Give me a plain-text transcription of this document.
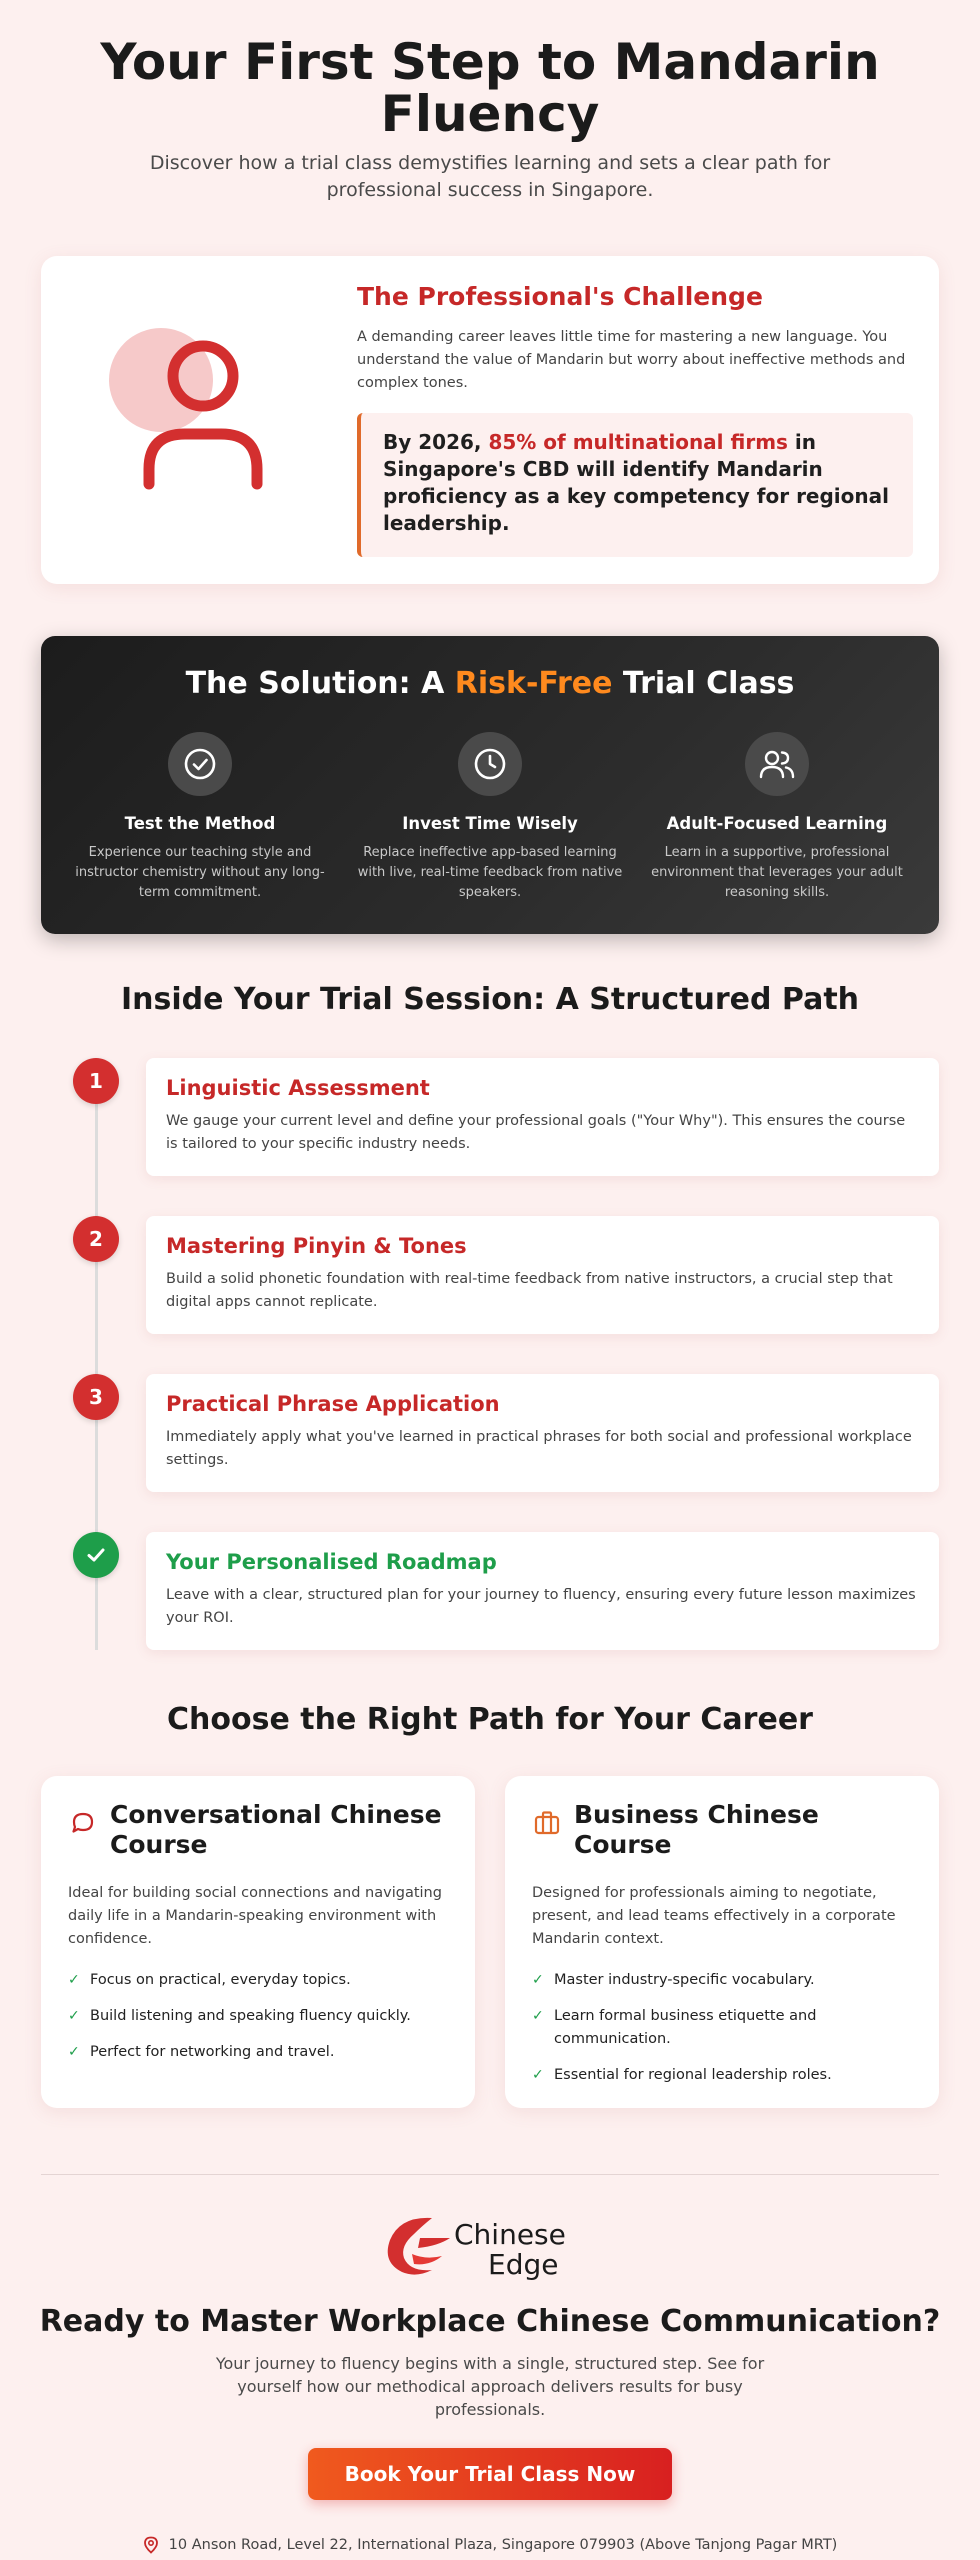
Your First Step to Mandarin Fluency

Discover how a trial class demystifies learning and sets a clear path for professional success in Singapore.

The Professional's Challenge

A demanding career leaves little time for mastering a new language. You understand the value of Mandarin but worry about ineffective methods and complex tones.

By 2026, 85% of multinational firms in Singapore's CBD will identify Mandarin proficiency as a key competency for regional leadership.
The Solution: A Risk-Free Trial Class
Test the Method
Experience our teaching style and instructor chemistry without any long-term commitment.
Invest Time Wisely
Replace ineffective app-based learning with live, real-time feedback from native speakers.
Adult-Focused Learning
Learn in a supportive, professional environment that leverages your adult reasoning skills.
Inside Your Trial Session: A Structured Path
1	Linguistic Assessment
We gauge your current level and define your professional goals ("Your Why"). This ensures the course is tailored to your specific industry needs.
2	Mastering Pinyin & Tones
Build a solid phonetic foundation with real-time feedback from native instructors, a crucial step that digital apps cannot replicate.
3	Practical Phrase Application
Immediately apply what you've learned in practical phrases for both social and professional workplace settings.
Your Personalised Roadmap
Leave with a clear, structured plan for your journey to fluency, ensuring every future lesson maximizes your ROI.
Choose the Right Path for Your Career
Conversational Chinese Course

Ideal for building social connections and navigating daily life in a Mandarin-speaking environment with confidence.

✓ Focus on practical, everyday topics.
✓ Build listening and speaking fluency quickly.
✓ Perfect for networking and travel.
Business Chinese Course

Designed for professionals aiming to negotiate, present, and lead teams effectively in a corporate Mandarin context.

✓ Master industry-specific vocabulary.
✓ Learn formal business etiquette and communication.
✓ Essential for regional leadership roles.
Chinese
Edge
Ready to Master Workplace Chinese Communication?

Your journey to fluency begins with a single, structured step. See for yourself how our methodical approach delivers results for busy professionals.

Book Your Trial Class Now
10 Anson Road, Level 22, International Plaza, Singapore 079903 (Above Tanjong Pagar MRT)
